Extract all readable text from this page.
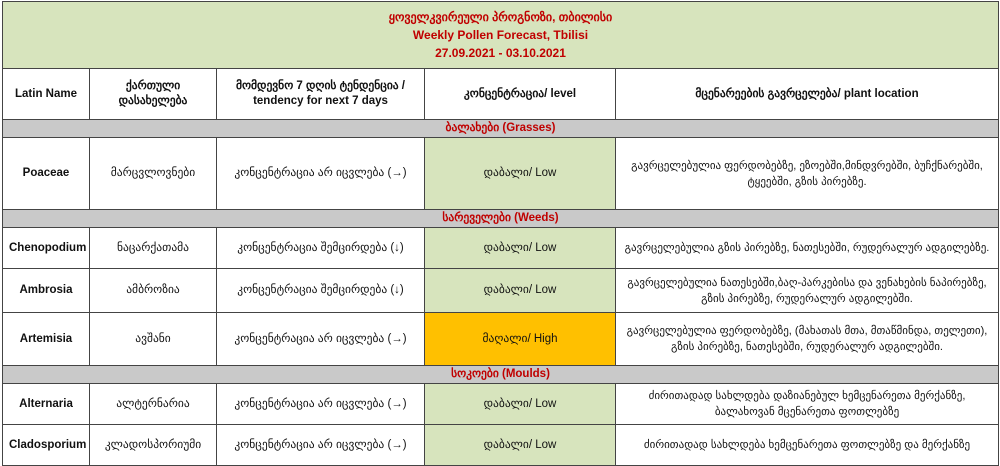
ყოველკვირეული პროგნოზი, თბილისი
Weekly Pollen Forecast, Tbilisi
27.09.2021 - 03.10.2021				

Latin Name	ქართული დასახელება	მომდევნო 7 დღის ტენდენცია / tendency for next 7 days	კონცენტრაცია/ level	მცენარეების გავრცელება/ plant location
ბალახები (Grasses)				
Poaceae	მარცვლოვნები	კონცენტრაცია არ იცვლება (→)	დაბალი/ Low	გავრცელებულია ფერდობებზე, ეზოებში,მინდვრებში, ბუჩქნარებში, ტყეებში, გზის პირებზე.
სარეველები (Weeds)				
Chenopodium	ნაცარქათამა	კონცენტრაცია შემცირდება (↓)	დაბალი/ Low	გავრცელებულია გზის პირებზე, ნათესებში, რუდერალურ ადგილებზე.
Ambrosia	ამბროზია	კონცენტრაცია შემცირდება (↓)	დაბალი/ Low	გავრცელებულია ნათესებში,ბაღ-პარკებისა და ვენახების ნაპირებზე, გზის პირებზე, რუდერალურ ადგილებში.
Artemisia	ავშანი	კონცენტრაცია არ იცვლება (→)	მაღალი/ High	გავრცელებულია ფერდობებზე, (მახათას მთა, მთაწმინდა, თელეთი), გზის პირებზე, ნათესებში, რუდერალურ ადგილებში.
სოკოები (Moulds)				
Alternaria	ალტერნარია	კონცენტრაცია არ იცვლება (→)	დაბალი/ Low	ძირითადად სახლდება დაზიანებულ ხემცენარეთა მერქანზე, ბალახოვან მცენარეთა ფოთლებზე
Cladosporium	კლადოსპორიუმი	კონცენტრაცია არ იცვლება (→)	დაბალი/ Low	ძირითადად სახლდება ხემცენარეთა ფოთლებზე და მერქანზე
